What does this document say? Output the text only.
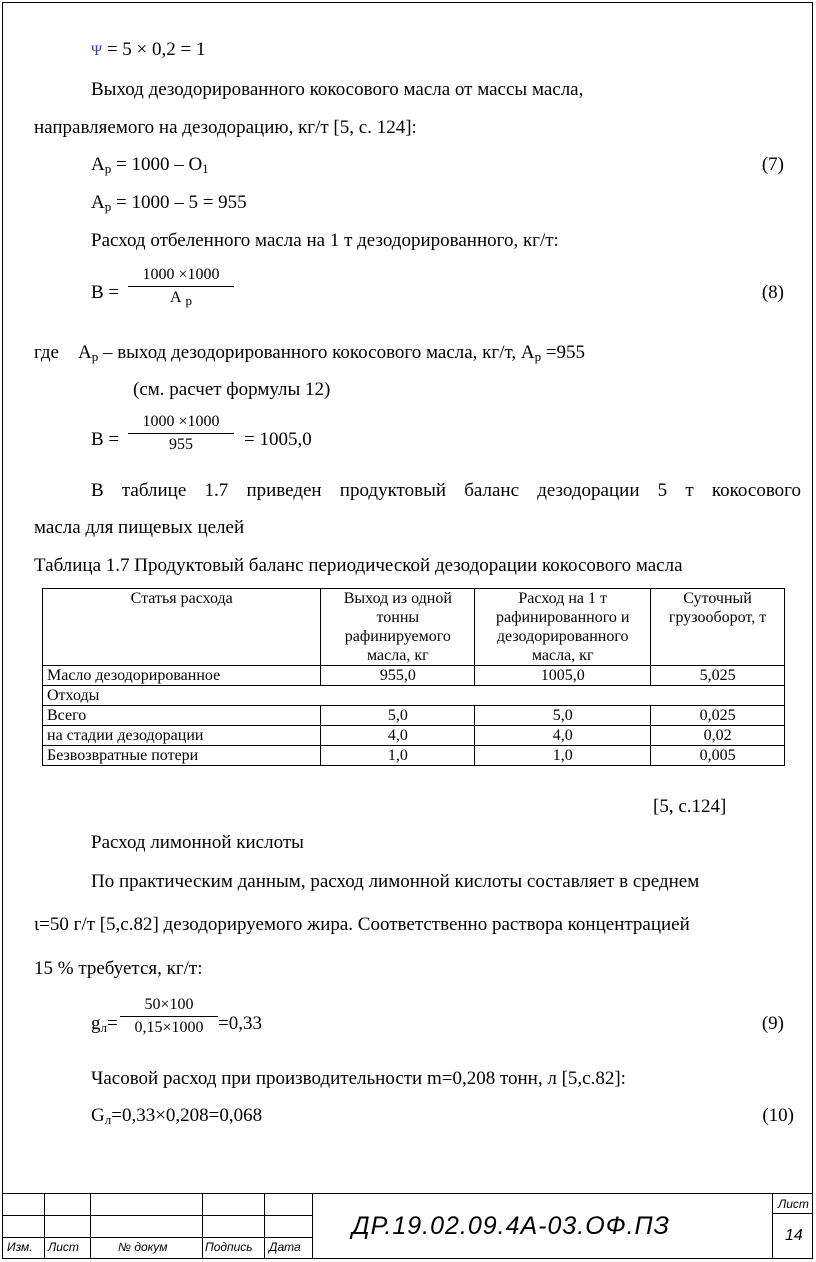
Ψ = 5 × 0,2 = 1
Выход дезодорированного кокосового масла от массы масла,
направляемого на дезодорацию, кг/т [5, с. 124]:
$А_р = 1000 - О_1$	(7)
$А_р = 1000 - 5 = 955$
Расход отбеленного масла на 1 т дезодорированного, кг/т:
В =
1000 ×1000
А $_р$	(8)
где $А_р$ – выход дезодорированного кокосового масла, кг/т, $А_р =955$
(см. расчет формулы 12)
В =
1000 ×1000
955	= 1005,0
В таблице 1.7 приведен продуктовый баланс дезодорации 5 т кокосового
масла для пищевых целей
Таблица 1.7 Продуктовый баланс периодической дезодорации кокосового масла
Статья расхода	Выход из одной тонны рафинируемого масла, кг	Расход на 1 т рафинированного и дезодорированного масла, кг	Суточный грузооборот, т
Масло дезодорированное	955,0	1005,0	5,025
Отходы			
Всего	5,0	5,0	0,025
на стадии дезодорации	4,0	4,0	0,02
Безвозвратные потери	1,0	1,0	0,005
[5, с.124]
Расход лимонной кислоты
По практическим данным, расход лимонной кислоты составляет в среднем
ι=50 г/т [5,с.82] дезодорируемого жира. Соответственно раствора концентрацией
15 % требуется, кг/т:
$g_л=$
50×100
0,15×1000 =0,33	(9)
Часовой расход при производительности m=0,208 тонн, л [5,с.82]:
$G_л=0,33\times 0,208=0,068$	(10)
Изм. Лист	№ докум	Подпись Дата
Лист
14
ДР.19.02.09.4А-03.ОФ.ПЗ
